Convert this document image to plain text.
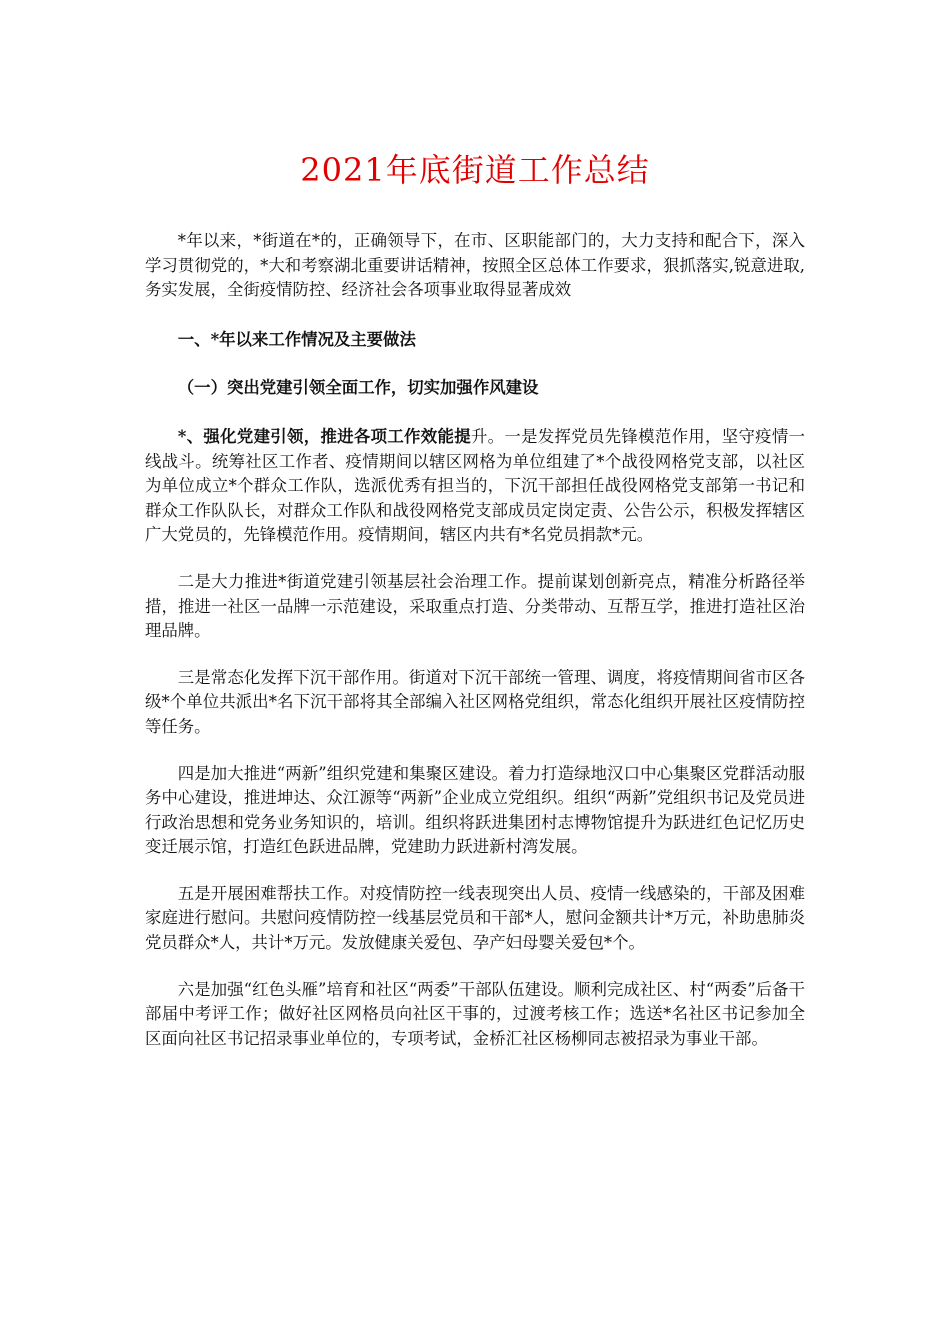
2021年底街道工作总结

*年以来，*街道在*的，正确领导下，在市、区职能部门的，大力支持和配合下，深入学习贯彻党的，*大和考察湖北重要讲话精神，按照全区总体工作要求，狠抓落实,锐意进取,务实发展，全街疫情防控、经济社会各项事业取得显著成效

一、*年以来工作情况及主要做法

（一）突出党建引领全面工作，切实加强作风建设

*、强化党建引领，推进各项工作效能提升。一是发挥党员先锋模范作用，坚守疫情一线战斗。统筹社区工作者、疫情期间以辖区网格为单位组建了*个战役网格党支部，以社区为单位成立*个群众工作队，选派优秀有担当的，下沉干部担任战役网格党支部第一书记和群众工作队队长，对群众工作队和战役网格党支部成员定岗定责、公告公示，积极发挥辖区广大党员的，先锋模范作用。疫情期间，辖区内共有*名党员捐款*元。

二是大力推进*街道党建引领基层社会治理工作。提前谋划创新亮点，精准分析路径举措，推进一社区一品牌一示范建设，采取重点打造、分类带动、互帮互学，推进打造社区治理品牌。

三是常态化发挥下沉干部作用。街道对下沉干部统一管理、调度，将疫情期间省市区各级*个单位共派出*名下沉干部将其全部编入社区网格党组织，常态化组织开展社区疫情防控等任务。

四是加大推进“两新”组织党建和集聚区建设。着力打造绿地汉口中心集聚区党群活动服务中心建设，推进坤达、众江源等“两新”企业成立党组织。组织“两新”党组织书记及党员进行政治思想和党务业务知识的，培训。组织将跃进集团村志博物馆提升为跃进红色记忆历史变迁展示馆，打造红色跃进品牌，党建助力跃进新村湾发展。

五是开展困难帮扶工作。对疫情防控一线表现突出人员、疫情一线感染的，干部及困难家庭进行慰问。共慰问疫情防控一线基层党员和干部*人，慰问金额共计*万元，补助患肺炎党员群众*人，共计*万元。发放健康关爱包、孕产妇母婴关爱包*个。

六是加强“红色头雁”培育和社区“两委”干部队伍建设。顺利完成社区、村“两委”后备干部届中考评工作；做好社区网格员向社区干事的，过渡考核工作；选送*名社区书记参加全区面向社区书记招录事业单位的，专项考试，金桥汇社区杨柳同志被招录为事业干部。
